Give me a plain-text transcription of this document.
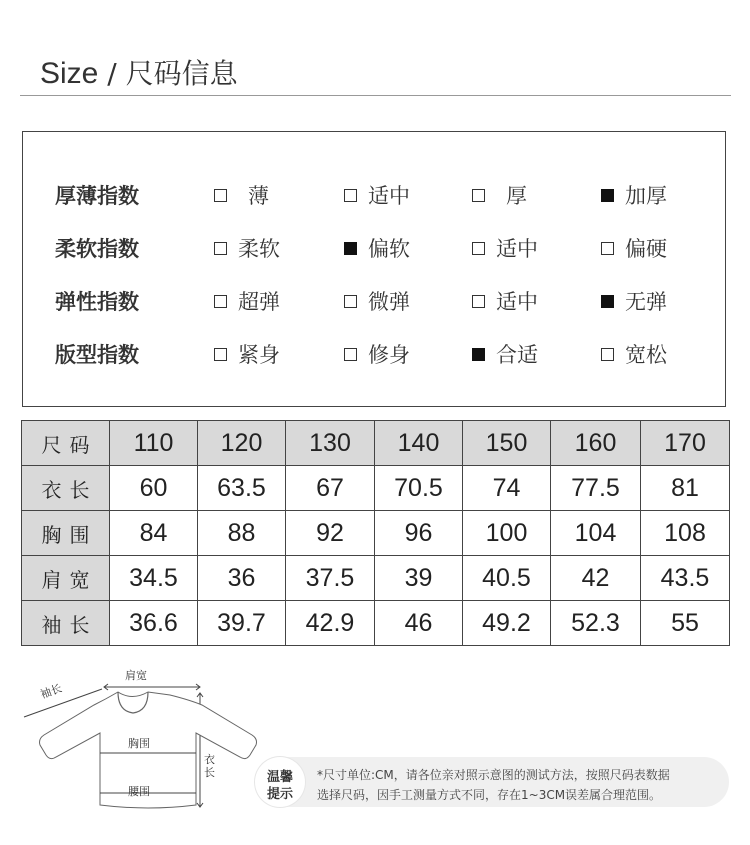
Size / 尺码信息
厚薄指数	薄	适中	厚	加厚
柔软指数	柔软	偏软	适中	偏硬
弹性指数	超弹	微弹	适中	无弹
版型指数	紧身	修身	合适	宽松
尺码	110	120	130	140	150	160	170
衣长	60	63.5	67	70.5	74	77.5	81
胸围	84	88	92	96	100	104	108
肩宽	34.5	36	37.5	39	40.5	42	43.5
袖长	36.6	39.7	42.9	46	49.2	52.3	55
袖长
肩宽
胸围
衣长
腰围
温馨
提示
*尺寸单位:CM，请各位亲对照示意图的测试方法，按照尺码表数据
选择尺码，因手工测量方式不同，存在1~3CM误差属合理范围。
